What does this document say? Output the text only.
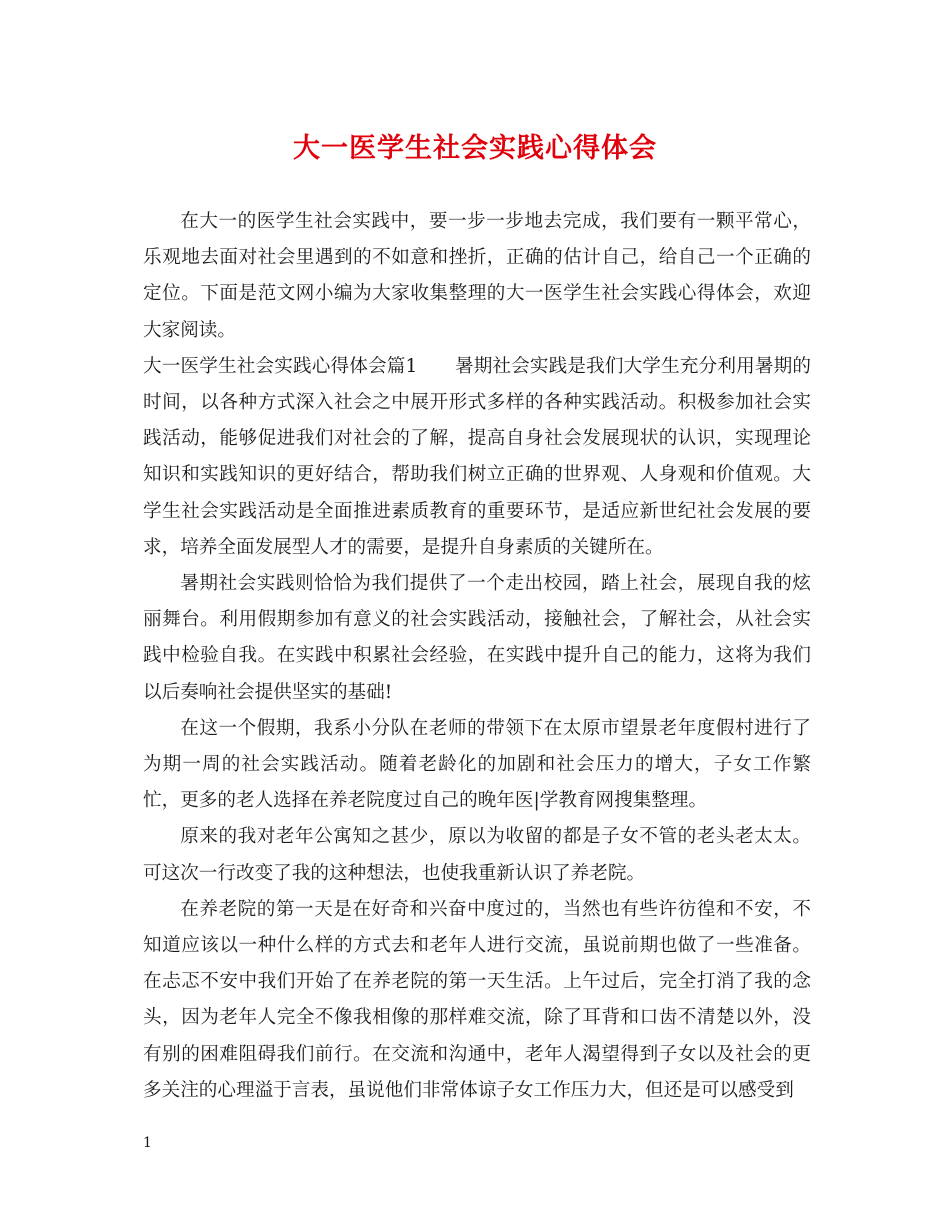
大一医学生社会实践心得体会

在大一的医学生社会实践中，要一步一步地去完成，我们要有一颗平常心，乐观地去面对社会里遇到的不如意和挫折，正确的估计自己，给自己一个正确的定位。下面是范文网小编为大家收集整理的大一医学生社会实践心得体会，欢迎大家阅读。

大一医学生社会实践心得体会篇1　　暑期社会实践是我们大学生充分利用暑期的时间，以各种方式深入社会之中展开形式多样的各种实践活动。积极参加社会实践活动，能够促进我们对社会的了解，提高自身社会发展现状的认识，实现理论知识和实践知识的更好结合，帮助我们树立正确的世界观、人身观和价值观。大学生社会实践活动是全面推进素质教育的重要环节，是适应新世纪社会发展的要求，培养全面发展型人才的需要，是提升自身素质的关键所在。

暑期社会实践则恰恰为我们提供了一个走出校园，踏上社会，展现自我的炫丽舞台。利用假期参加有意义的社会实践活动，接触社会，了解社会，从社会实践中检验自我。在实践中积累社会经验，在实践中提升自己的能力，这将为我们以后奏响社会提供坚实的基础!

在这一个假期，我系小分队在老师的带领下在太原市望景老年度假村进行了为期一周的社会实践活动。随着老龄化的加剧和社会压力的增大，子女工作繁忙，更多的老人选择在养老院度过自己的晚年医|学教育网搜集整理。

原来的我对老年公寓知之甚少，原以为收留的都是子女不管的老头老太太。可这次一行改变了我的这种想法，也使我重新认识了养老院。

在养老院的第一天是在好奇和兴奋中度过的，当然也有些许彷徨和不安，不知道应该以一种什么样的方式去和老年人进行交流，虽说前期也做了一些准备。在忐忑不安中我们开始了在养老院的第一天生活。上午过后，完全打消了我的念头，因为老年人完全不像我相像的那样难交流，除了耳背和口齿不清楚以外，没有别的困难阻碍我们前行。在交流和沟通中，老年人渴望得到子女以及社会的更多关注的心理溢于言表，虽说他们非常体谅子女工作压力大，但还是可以感受到

1
